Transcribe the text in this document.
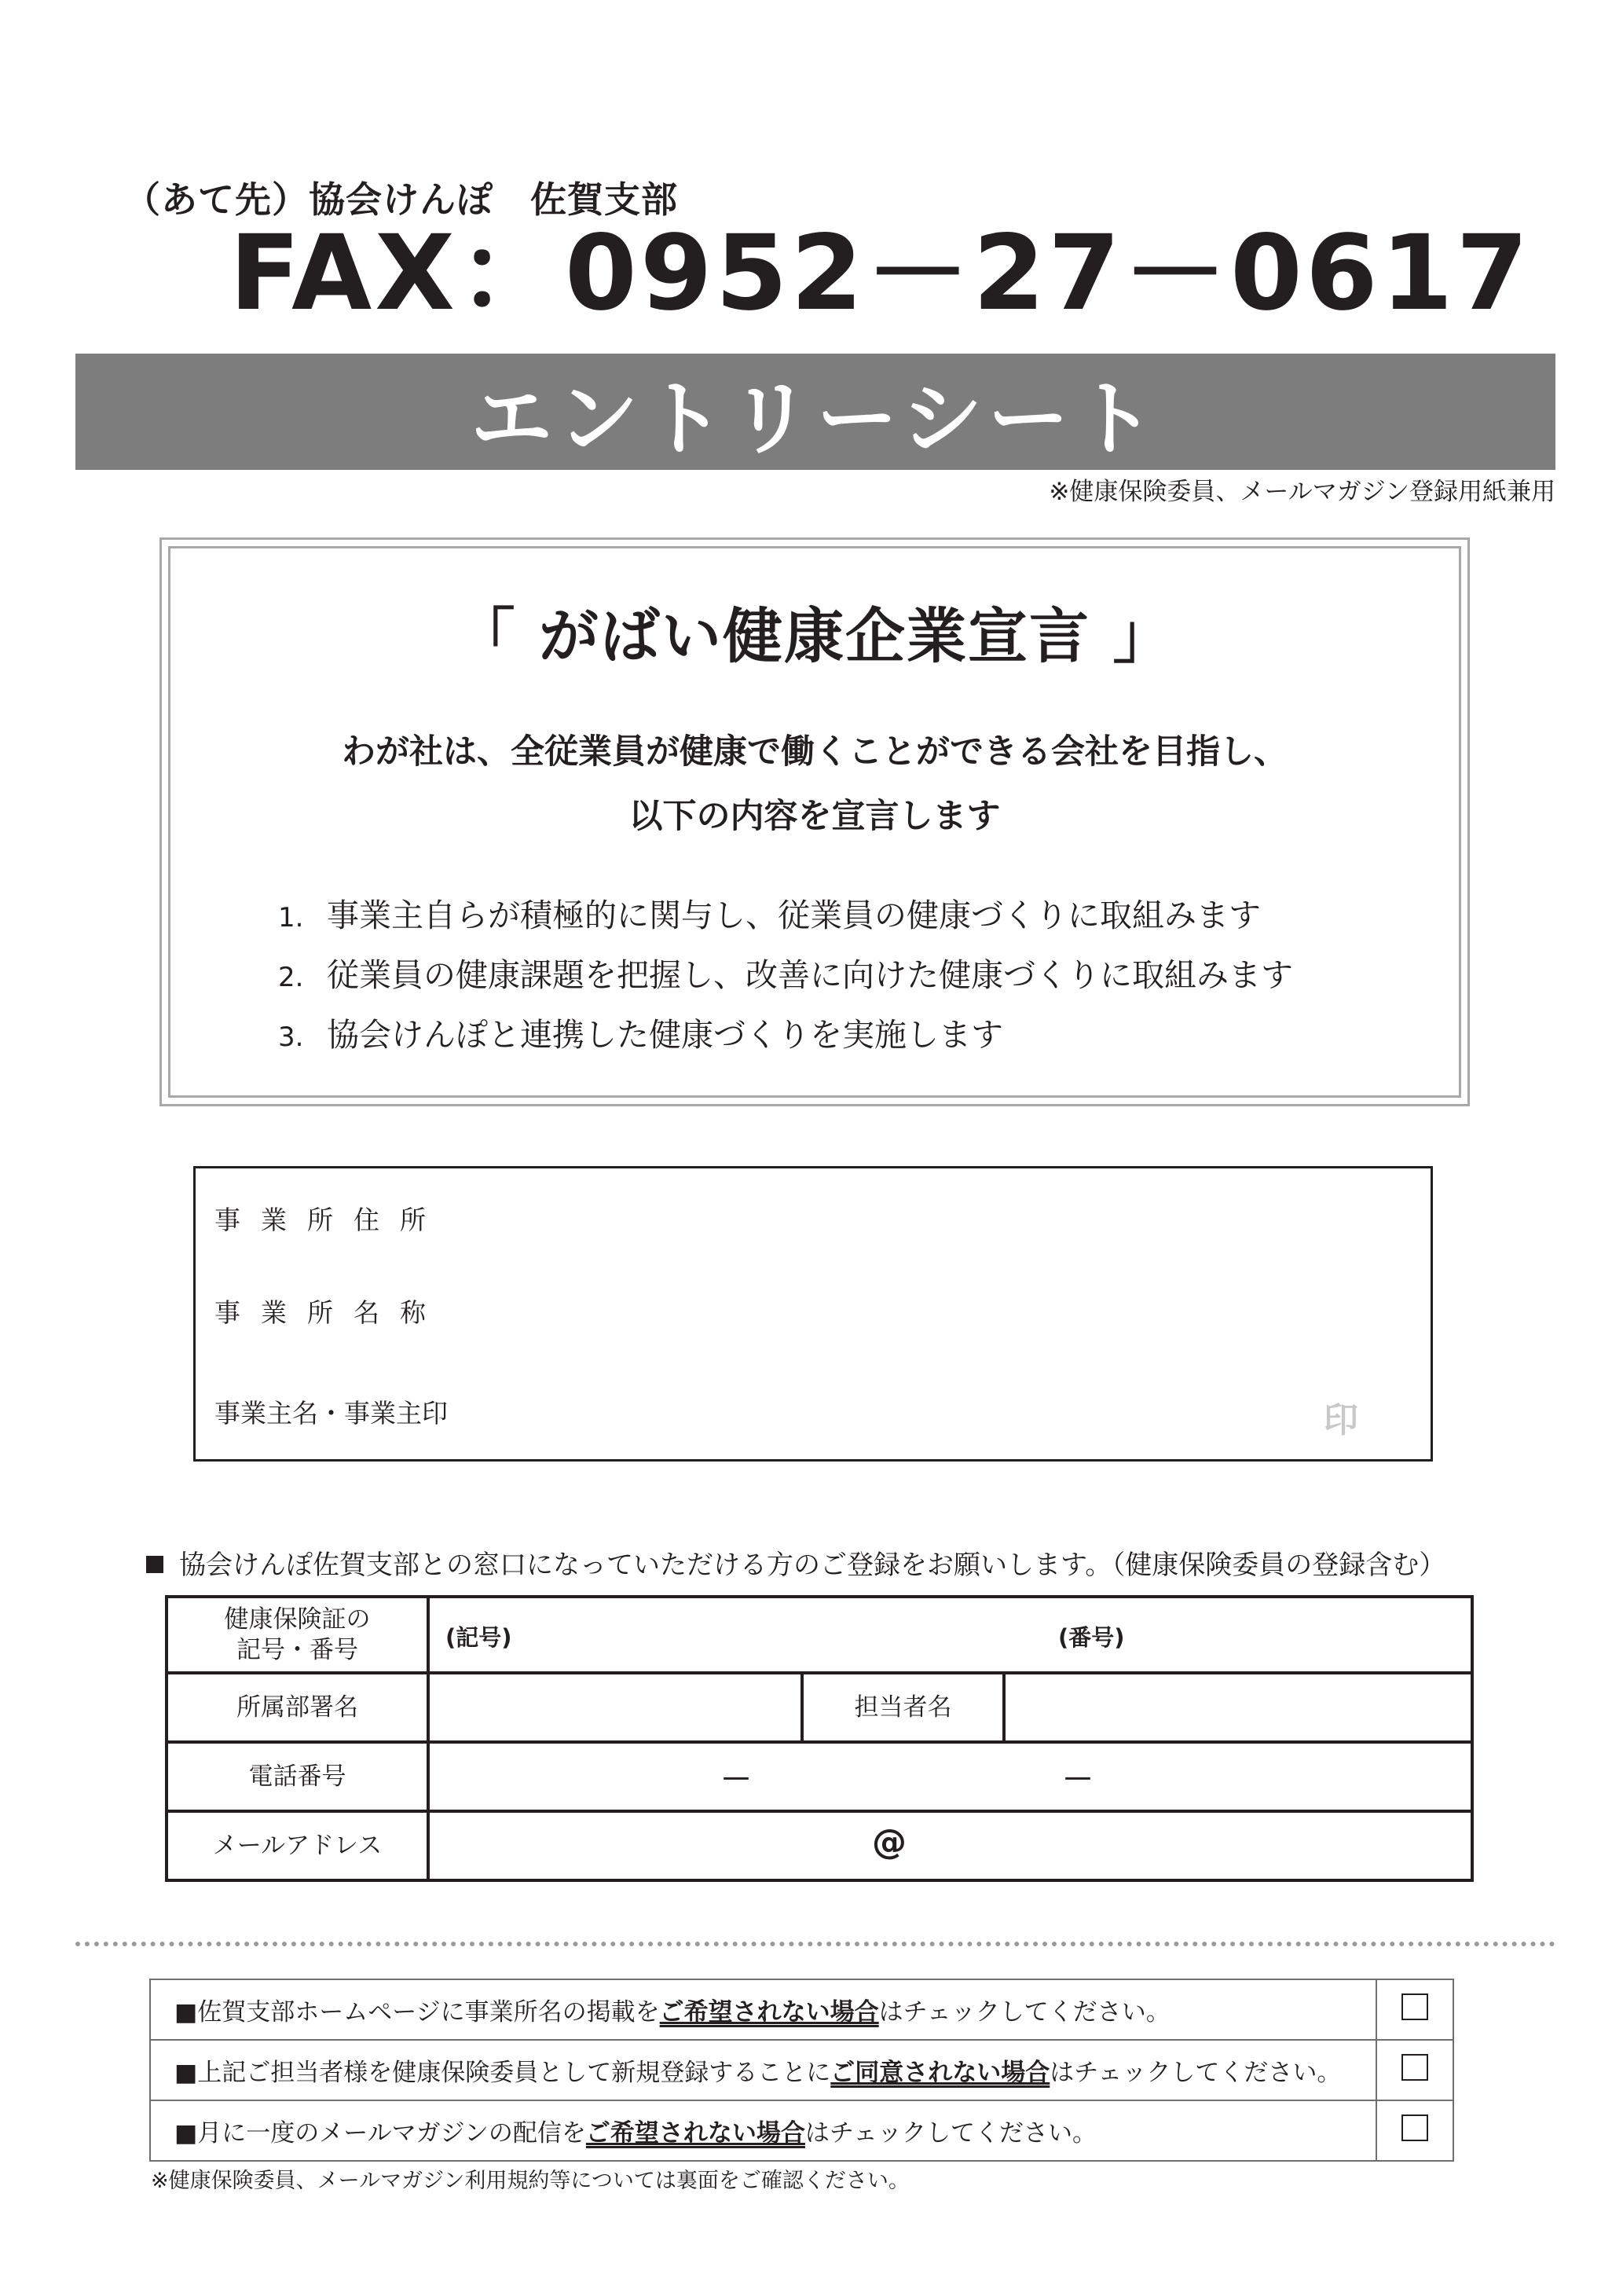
（あて先）協会けんぽ　佐賀支部
FAX：0952－27－0617
エントリーシート
※健康保険委員、メールマガジン登録用紙兼用
「 がばい健康企業宣言 」
わが社は、全従業員が健康で働くことができる会社を目指し、
以下の内容を宣言します
1. 事業主自らが積極的に関与し、従業員の健康づくりに取組みます
2. 従業員の健康課題を把握し、改善に向けた健康づくりに取組みます
3. 協会けんぽと連携した健康づくりを実施します
事業所住所
事業所名称
事業主名・事業主印	印
協会けんぽ佐賀支部との窓口になっていただける方のご登録をお願いします。（健康保険委員の登録含む）
健康保険証の
記号・番号	(記号) (番号)		

所属部署名		担当者名	
電話番号	－ －		

メールアドレス	@		
■佐賀支部ホームページに事業所名の掲載をご希望されない場合はチェックしてください。	
■上記ご担当者様を健康保険委員として新規登録することにご同意されない場合はチェックしてください。	
■月に一度のメールマガジンの配信をご希望されない場合はチェックしてください。	
※健康保険委員、メールマガジン利用規約等については裏面をご確認ください。
